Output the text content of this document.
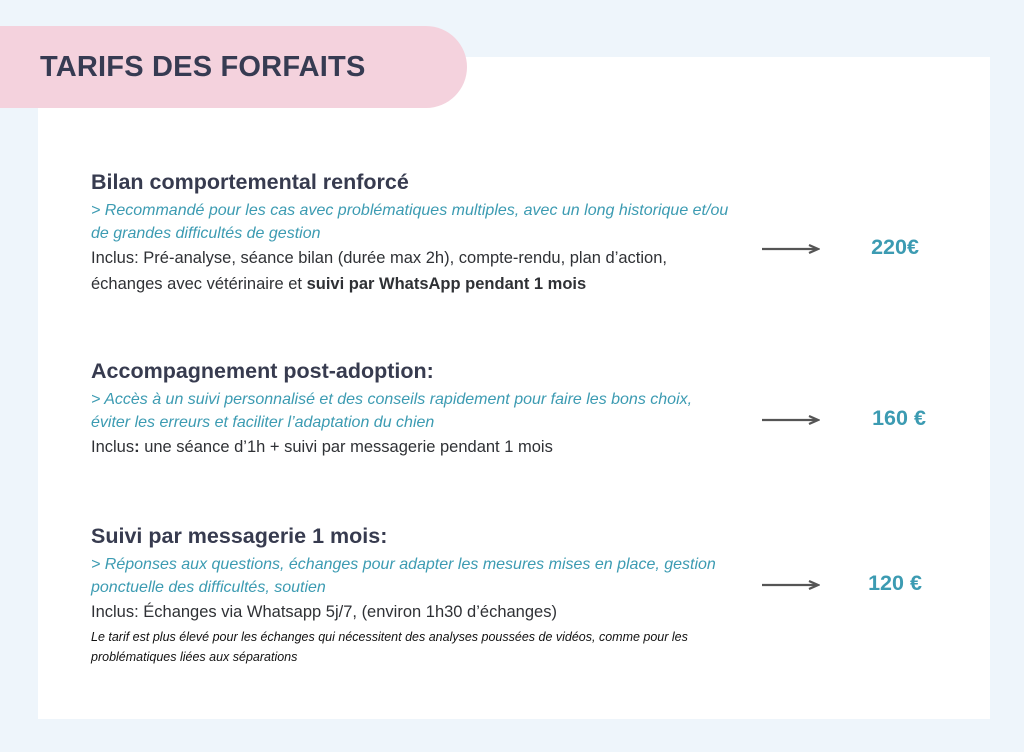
TARIFS DES FORFAITS
Bilan comportemental renforcé

> Recommandé pour les cas avec problématiques multiples, avec un long historique et/ou de grandes difficultés de gestion

Inclus: Pré-analyse, séance bilan (durée max 2h), compte-rendu, plan d’action, échanges avec vétérinaire et suivi par WhatsApp pendant 1 mois

220€
Accompagnement post-adoption:

> Accès à un suivi personnalisé et des conseils rapidement pour faire les bons choix, éviter les erreurs et faciliter l’adaptation du chien

Inclus: une séance d’1h + suivi par messagerie pendant 1 mois

160 €
Suivi par messagerie 1 mois:

> Réponses aux questions, échanges pour adapter les mesures mises en place, gestion ponctuelle des difficultés, soutien

Inclus: Échanges via Whatsapp 5j/7, (environ 1h30 d’échanges)

Le tarif est plus élevé pour les échanges qui nécessitent des analyses poussées de vidéos, comme pour les problématiques liées aux séparations

120 €
